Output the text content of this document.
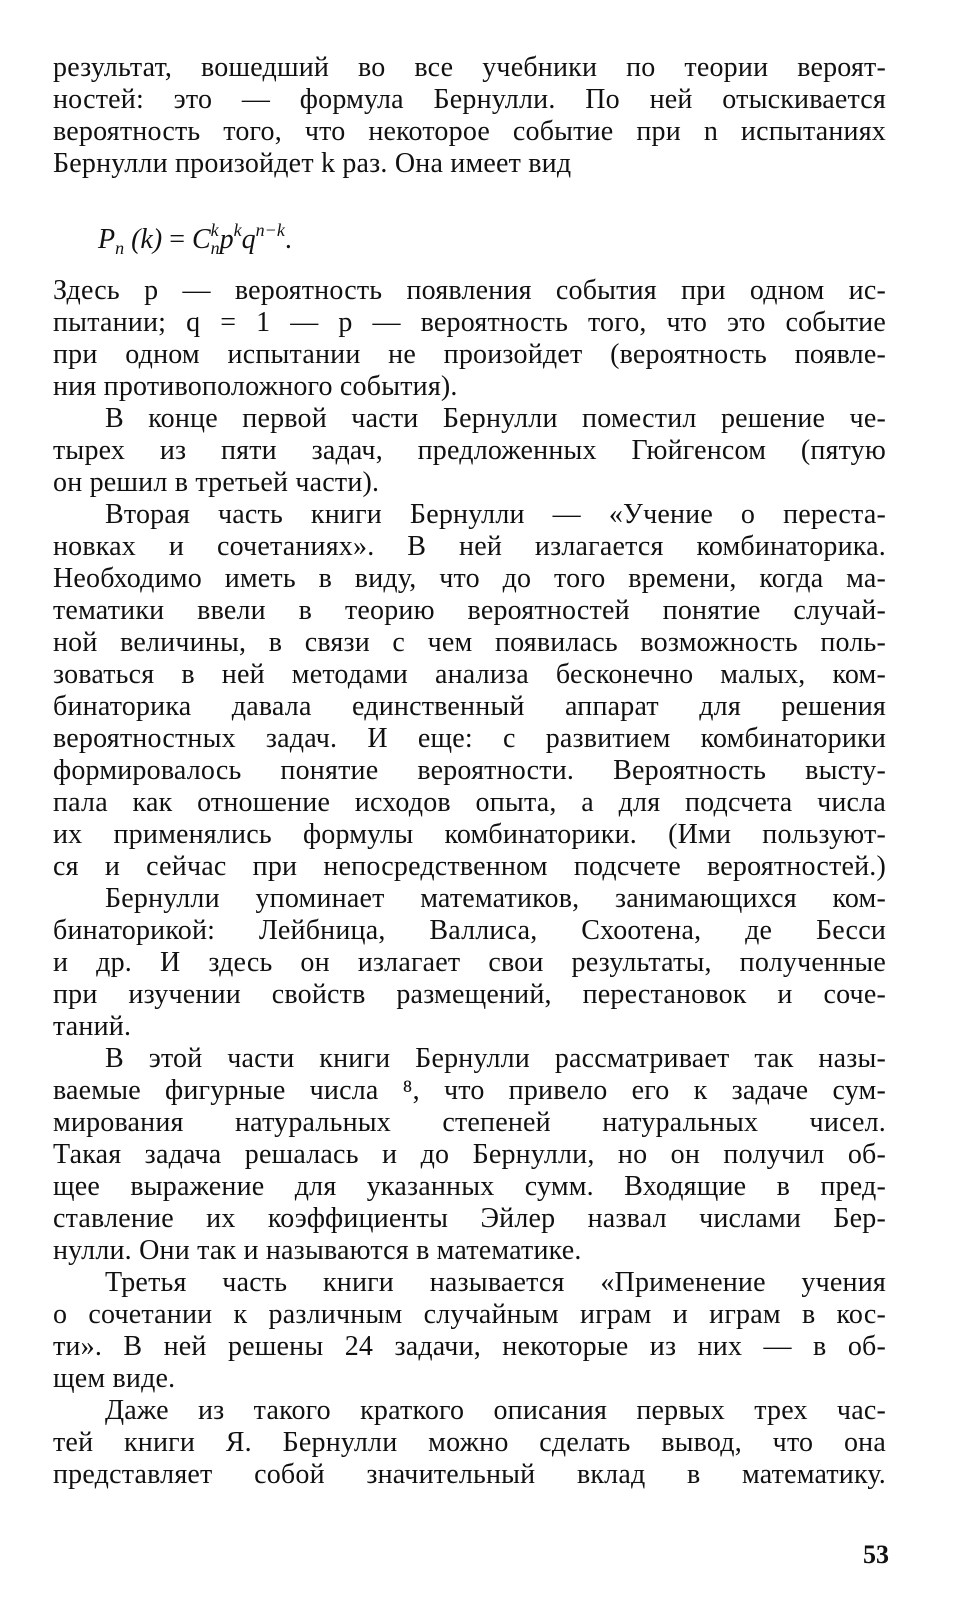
результат, вошедший во все учебники по теории вероят-
ностей: это — формула Бернулли. По ней отыскивается
вероятность того, что некоторое событие при n испытаниях
Бернулли произойдет k раз. Она имеет вид
$P_n$ $(k) = C^k_np^kq^{n-k}$.
Здесь p — вероятность появления события при одном ис-
пытании; q = 1 — p — вероятность того, что это событие
при одном испытании не произойдет (вероятность появле-
ния противоположного события).
В конце первой части Бернулли поместил решение че-
тырех из пяти задач, предложенных Гюйгенсом (пятую
он решил в третьей части).
Вторая часть книги Бернулли — «Учение о переста-
новках и сочетаниях». В ней излагается комбинаторика.
Необходимо иметь в виду, что до того времени, когда ма-
тематики ввели в теорию вероятностей понятие случай-
ной величины, в связи с чем появилась возможность поль-
зоваться в ней методами анализа бесконечно малых, ком-
бинаторика давала единственный аппарат для решения
вероятностных задач. И еще: с развитием комбинаторики
формировалось понятие вероятности. Вероятность высту-
пала как отношение исходов опыта, а для подсчета числа
их применялись формулы комбинаторики. (Ими пользуют-
ся и сейчас при непосредственном подсчете вероятностей.)
Бернулли упоминает математиков, занимающихся ком-
бинаторикой: Лейбница, Валлиса, Схоотена, де Бесси
и др. И здесь он излагает свои результаты, полученные
при изучении свойств размещений, перестановок и соче-
таний.
В этой части книги Бернулли рассматривает так назы-
ваемые фигурные числа ⁸, что привело его к задаче сум-
мирования натуральных степеней натуральных чисел.
Такая задача решалась и до Бернулли, но он получил об-
щее выражение для указанных сумм. Входящие в пред-
ставление их коэффициенты Эйлер назвал числами Бер-
нулли. Они так и называются в математике.
Третья часть книги называется «Применение учения
о сочетании к различным случайным играм и играм в кос-
ти». В ней решены 24 задачи, некоторые из них — в об-
щем виде.
Даже из такого краткого описания первых трех час-
тей книги Я. Бернулли можно сделать вывод, что она
представляет собой значительный вклад в математику.
53
